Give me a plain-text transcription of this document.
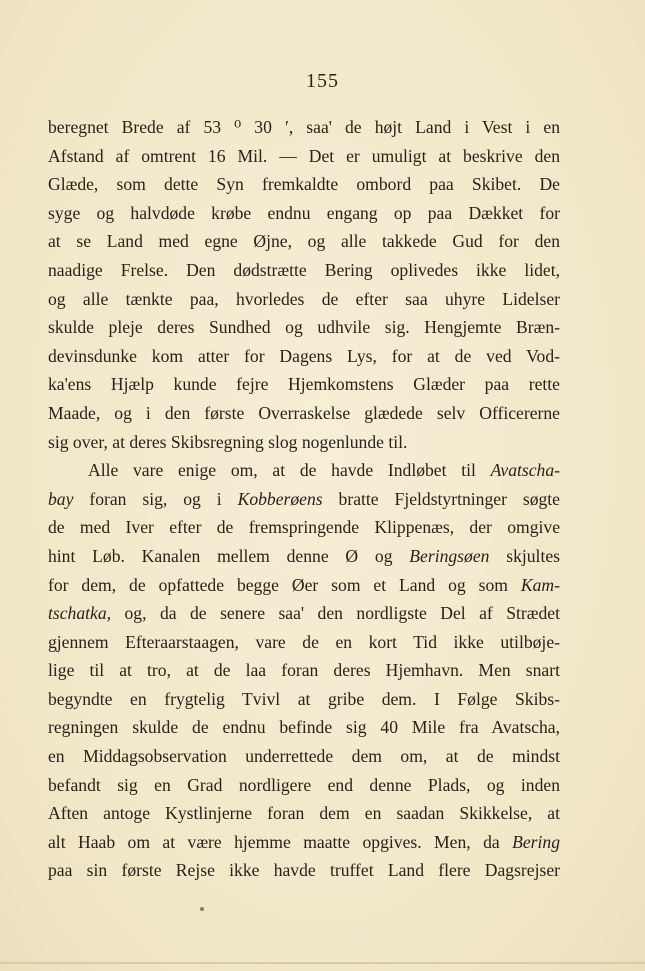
155
beregnet Brede af 53 ⁰ 30 ′, saa' de højt Land i Vest i en
Afstand af omtrent 16 Mil. — Det er umuligt at beskrive den
Glæde, som dette Syn fremkaldte ombord paa Skibet. De
syge og halvdøde krøbe endnu engang op paa Dækket for
at se Land med egne Øjne, og alle takkede Gud for den
naadige Frelse. Den dødstrætte Bering oplivedes ikke lidet,
og alle tænkte paa, hvorledes de efter saa uhyre Lidelser
skulde pleje deres Sundhed og udhvile sig. Hengjemte Bræn-
devinsdunke kom atter for Dagens Lys, for at de ved Vod-
ka'ens Hjælp kunde fejre Hjemkomstens Glæder paa rette
Maade, og i den første Overraskelse glædede selv Officererne
sig over, at deres Skibsregning slog nogenlunde til.
Alle vare enige om, at de havde Indløbet til Avatscha-
bay foran sig, og i Kobberøens bratte Fjeldstyrtninger søgte
de med Iver efter de fremspringende Klippenæs, der omgive
hint Løb. Kanalen mellem denne Ø og Beringsøen skjultes
for dem, de opfattede begge Øer som et Land og som Kam-
tschatka, og, da de senere saa' den nordligste Del af Strædet
gjennem Efteraarstaagen, vare de en kort Tid ikke utilbøje-
lige til at tro, at de laa foran deres Hjemhavn. Men snart
begyndte en frygtelig Tvivl at gribe dem. I Følge Skibs-
regningen skulde de endnu befinde sig 40 Mile fra Avatscha,
en Middagsobservation underrettede dem om, at de mindst
befandt sig en Grad nordligere end denne Plads, og inden
Aften antoge Kystlinjerne foran dem en saadan Skikkelse, at
alt Haab om at være hjemme maatte opgives. Men, da Bering
paa sin første Rejse ikke havde truffet Land flere Dagsrejser
